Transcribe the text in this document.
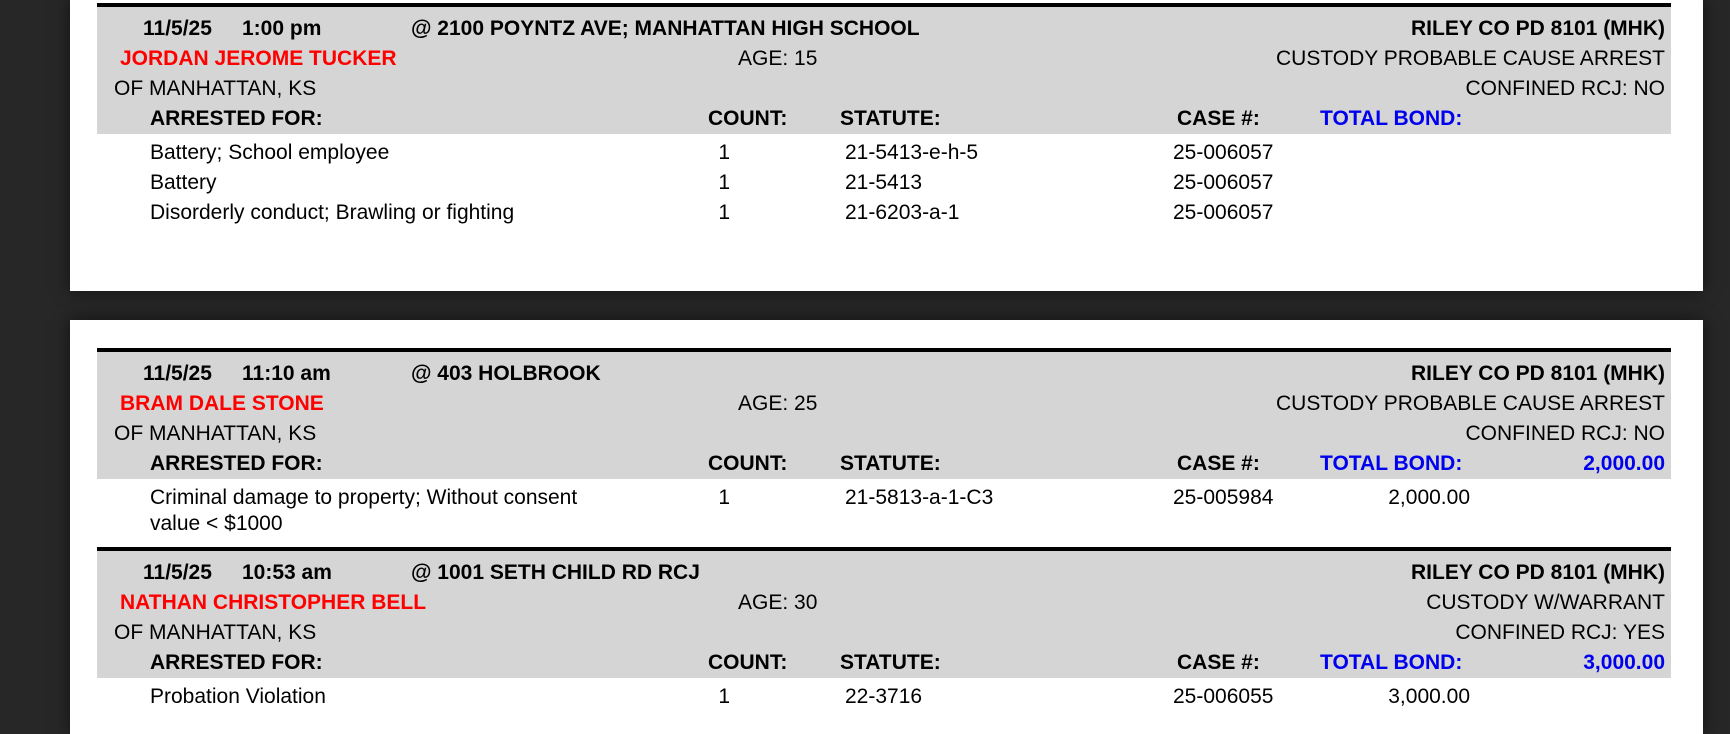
11/5/25 1:00 pm	@ 2100 POYNTZ AVE; MANHATTAN HIGH SCHOOL	RILEY CO PD 8101 (MHK)
JORDAN JEROME TUCKER	AGE: 15	CUSTODY PROBABLE CAUSE ARREST
OF MANHATTAN, KS	CONFINED RCJ: NO
ARRESTED FOR:	COUNT:	STATUTE:	CASE #:	TOTAL BOND:
Battery; School employee	1	21-5413-e-h-5	25-006057
Battery	1	21-5413	25-006057
Disorderly conduct; Brawling or fighting	1	21-6203-a-1	25-006057
11/5/25 11:10 am	@ 403 HOLBROOK	RILEY CO PD 8101 (MHK)
BRAM DALE STONE	AGE: 25	CUSTODY PROBABLE CAUSE ARREST
OF MANHATTAN, KS	CONFINED RCJ: NO
ARRESTED FOR:	COUNT:	STATUTE:	CASE #:	TOTAL BOND:	2,000.00
Criminal damage to property; Without consent value < $1000
1	21-5813-a-1-C3	25-005984	2,000.00
11/5/25 10:53 am	@ 1001 SETH CHILD RD RCJ	RILEY CO PD 8101 (MHK)
NATHAN CHRISTOPHER BELL	AGE: 30	CUSTODY W/WARRANT
OF MANHATTAN, KS	CONFINED RCJ: YES
ARRESTED FOR:	COUNT:	STATUTE:	CASE #:	TOTAL BOND:	3,000.00
Probation Violation	1	22-3716	25-006055	3,000.00
